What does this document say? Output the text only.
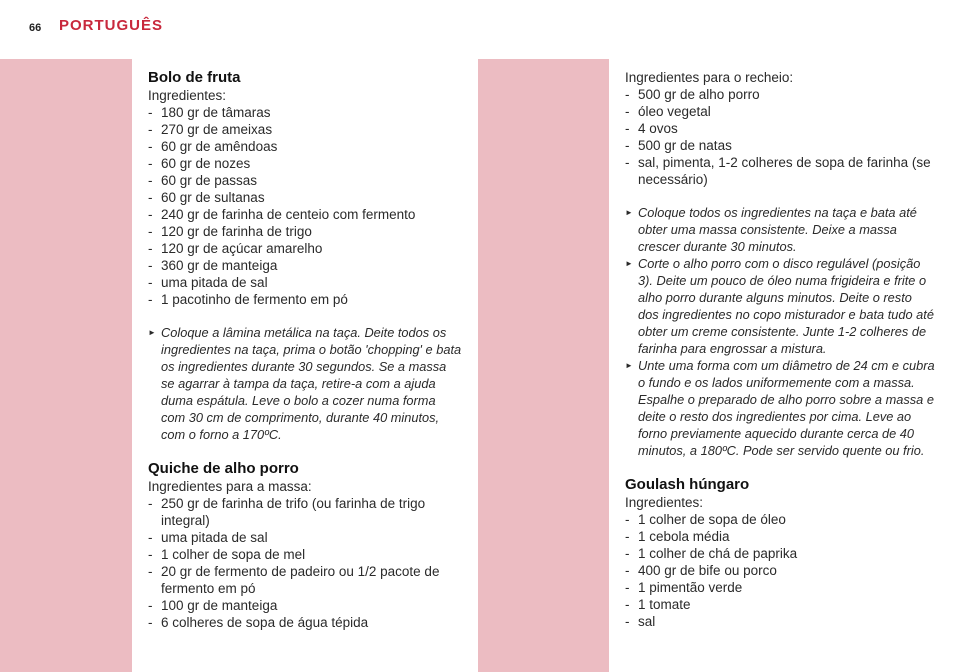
66 PORTUGUÊS
Bolo de fruta
Ingredientes:
- 180 gr de tâmaras
- 270 gr de ameixas
- 60 gr de amêndoas
- 60 gr de nozes
- 60 gr de passas
- 60 gr de sultanas
- 240 gr de farinha de centeio com fermento
- 120 gr de farinha de trigo
- 120 gr de açúcar amarelho
- 360 gr de manteiga
- uma pitada de sal
- 1 pacotinho de fermento em pó
► Coloque a lâmina metálica na taça. Deite todos os ingredientes na taça, prima o botão 'chopping' e bata os ingredientes durante 30 segundos. Se a massa se agarrar à tampa da taça, retire-a com a ajuda duma espátula. Leve o bolo a cozer numa forma com 30 cm de comprimento, durante 40 minutos, com o forno a 170ºC.
Quiche de alho porro
Ingredientes para a massa:
- 250 gr de farinha de trifo (ou farinha de trigo integral)
- uma pitada de sal
- 1 colher de sopa de mel
- 20 gr de fermento de padeiro ou 1/2 pacote de fermento em pó
- 100 gr de manteiga
- 6 colheres de sopa de água tépida
Ingredientes para o recheio:
- 500 gr de alho porro
- óleo vegetal
- 4 ovos
- 500 gr de natas
- sal, pimenta, 1-2 colheres de sopa de farinha (se necessário)
► Coloque todos os ingredientes na taça e bata até obter uma massa consistente. Deixe a massa crescer durante 30 minutos.
► Corte o alho porro com o disco regulável (posição 3). Deite um pouco de óleo numa frigideira e frite o alho porro durante alguns minutos. Deite o resto dos ingredientes no copo misturador e bata tudo até obter um creme consistente. Junte 1-2 colheres de farinha para engrossar a mistura.
► Unte uma forma com um diâmetro de 24 cm e cubra o fundo e os lados uniformemente com a massa. Espalhe o preparado de alho porro sobre a massa e deite o resto dos ingredientes por cima. Leve ao forno previamente aquecido durante cerca de 40 minutos, a 180ºC. Pode ser servido quente ou frio.
Goulash húngaro
Ingredientes:
- 1 colher de sopa de óleo
- 1 cebola média
- 1 colher de chá de paprika
- 400 gr de bife ou porco
- 1 pimentão verde
- 1 tomate
- sal
